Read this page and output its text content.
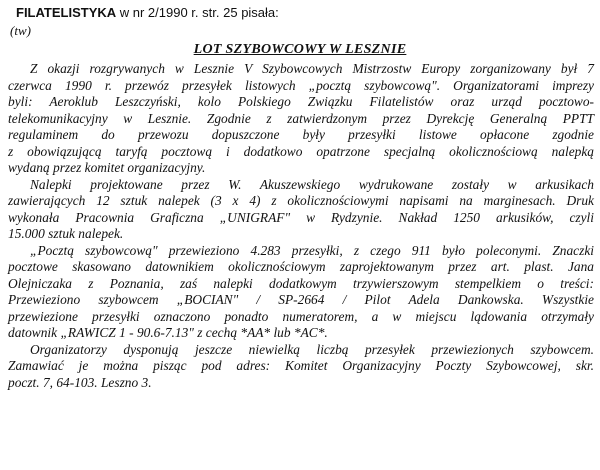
FILATELISTYKA w nr 2/1990 r. str. 25 pisała:
(tw)
LOT SZYBOWCOWY W LESZNIE
Z okazji rozgrywanych w Lesznie V Szybowcowych Mistrzostw Europy zorganizowany był 7
czerwca 1990 r. przewóz przesyłek listowych „pocztą szybowcową". Organizatorami imprezy
byli: Aeroklub Leszczyński, kolo Polskiego Związku Filatelistów oraz urząd pocztowo-
telekomunikacyjny w Lesznie. Zgodnie z zatwierdzonym przez Dyrekcję Generalną PPTT
regulaminem do przewozu dopuszczone były przesyłki listowe opłacone zgodnie
z obowiązującą taryfą pocztową i dodatkowo opatrzone specjalną okolicznościową nalepką
wydaną przez komitet organizacyjny.
Nalepki projektowane przez W. Akuszewskiego wydrukowane zostały w arkusikach
zawierających 12 sztuk nalepek (3 x 4) z okolicznościowymi napisami na marginesach. Druk
wykonała Pracownia Graficzna „UNIGRAF" w Rydzynie. Nakład 1250 arkusików, czyli
15.000 sztuk nalepek.
„Pocztą szybowcową" przewieziono 4.283 przesyłki, z czego 911 było poleconymi. Znaczki
pocztowe skasowano datownikiem okolicznościowym zaprojektowanym przez art. plast. Jana
Olejniczaka z Poznania, zaś nalepki dodatkowym trzywierszowym stempelkiem o treści:
Przewieziono szybowcem „BOCIAN" / SP-2664 / Pilot Adela Dankowska. Wszystkie
przewiezione przesyłki oznaczono ponadto numeratorem, a w miejscu lądowania otrzymały
datownik „RAWICZ 1 - 90.6-7.13" z cechą *AA* lub *AC*.
Organizatorzy dysponują jeszcze niewielką liczbą przesyłek przewiezionych szybowcem.
Zamawiać je można pisząc pod adres: Komitet Organizacyjny Poczty Szybowcowej, skr.
poczt. 7, 64-103. Leszno 3.
